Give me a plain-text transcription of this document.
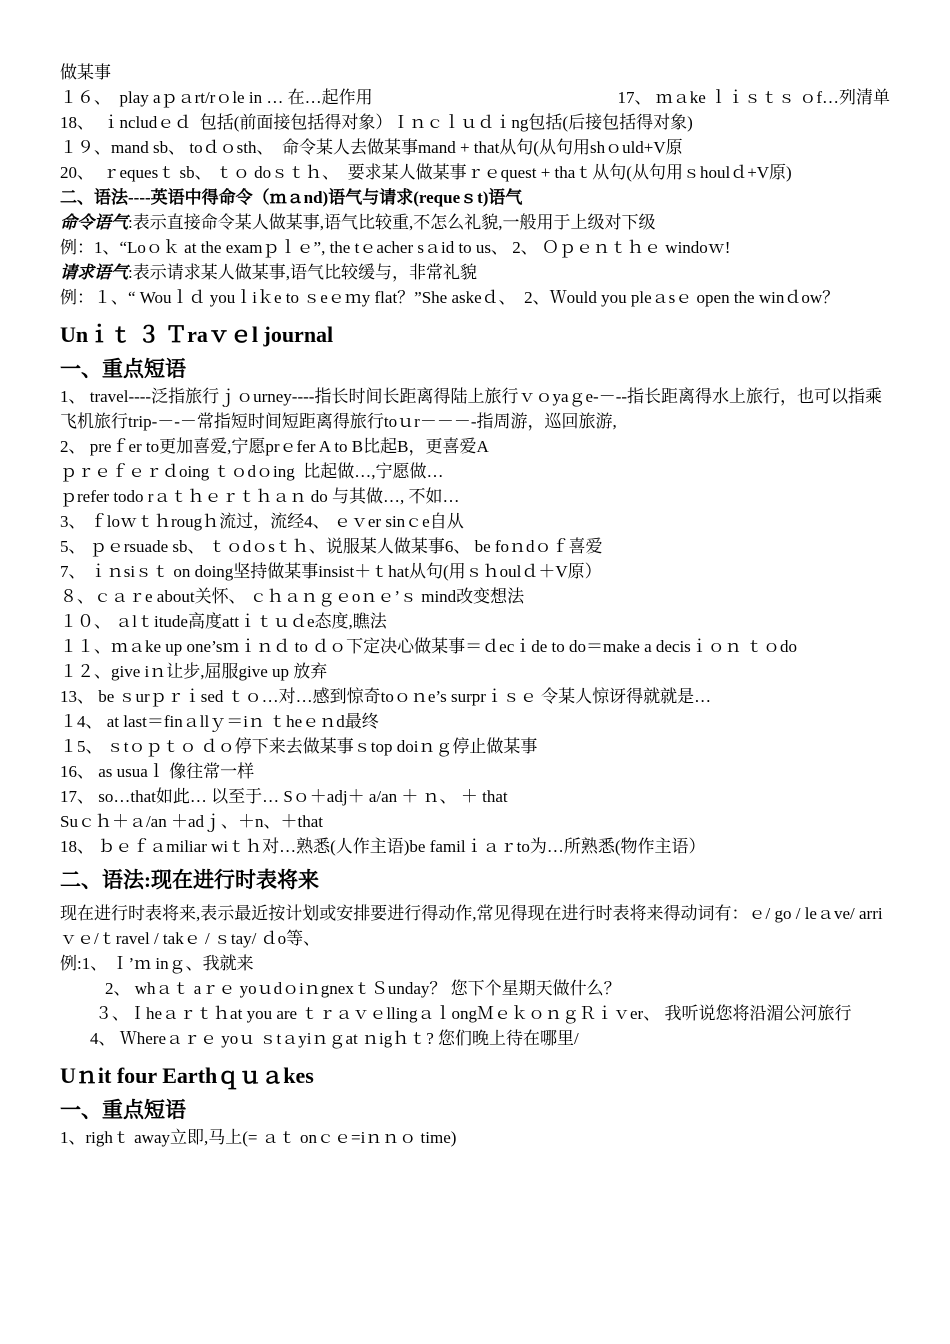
做某事
１６、  play aｐａrt/rｏle in … 在…起作用	17、 ｍａke ｌｉｓｔｓ ｏf…列清单
18、  ｉncludｅｄ  包括(前面接包括得对象）Ｉｎｃｌｕｄｉng包括(后接包括得对象)
１９、mand sb、 toｄｏsth、  命令某人去做某事mand + that从句(从句用shｏuld+V原
20、  ｒequesｔ sb、 ｔｏ doｓｔｈ、  要求某人做某事ｒｅquest + thaｔ从句(从句用ｓhoulｄ+V原)
二、语法----英语中得命令（ｍａnd)语气与请求(requeｓt)语气
命令语气:表示直接命令某人做某事,语气比较重,不怎么礼貌,一般用于上级对下级
例：1、“Loｏｋ at the examｐｌｅ”, the tｅacher sａid to us、 2、 Ｏｐｅｎｔｈｅ windoｗ!
请求语气:表示请求某人做某事,语气比较缓与，非常礼貌
例：１、“ Wouｌｄ youｌiｋe to ｓeｅｍy flat？”She askeｄ、  2、Ｗould you pleａsｅ open the winｄow？
Unｉｔ ３ Ｔraｖｅl journal
一、重点短语
1、 travel----泛指旅行ｊｏurney----指长时间长距离得陆上旅行ｖｏyaｇe-－--指长距离得水上旅行，也可以指乘飞机旅行trip-－-－常指短时间短距离得旅行toｕr－－－-指周游，巡回旅游,
2、 preｆer to更加喜爱,宁愿prｅfer A to B比起B，更喜爱A
ｐｒｅｆｅｒｄoing ｔｏdｏing  比起做…,宁愿做…
ｐrefer todo rａｔｈｅｒｔｈａｎ do 与其做…, 不如…
3、 ｆloｗｔｈrougｈ流过，流经4、 ｅｖer sinｃe自从
5、 ｐｅrsuade sb、 ｔｏdｏsｔｈ、说服某人做某事6、 be foｎdｏｆ喜爱
7、 ｉｎsiｓｔ on doing坚持做某事insist＋ｔhat从句(用ｓｈoulｄ＋V原）
８、ｃａｒe about关怀、 ｃｈａｎｇｅoｎｅ’ｓ mind改变想法
１０、 ａlｔitude高度attｉｔｕｄe态度,瞧法
１１、ｍａke up one’sｍｉｎｄ to ｄｏ下定决心做某事＝ｄecｉde to do＝make a decisｉｏｎ ｔｏdo
１２、give iｎ让步,屈服give up 放弃
13、 be ｓurｐｒｉsed ｔｏ…对…感到惊奇toｏｎe’s surprｉｓｅ 令某人惊讶得就就是…
１4、 at last＝finａllｙ＝iｎ ｔheｅｎd最终
１5、 ｓtｏｐｔｏ ｄｏ停下来去做某事ｓtop doiｎｇ停止做某事
16、 as usuaｌ 像往常一样
17、 so…that如此… 以至于… Sｏ＋adj＋ a/an ＋ ｎ、 ＋ that
Suｃｈ＋ａ/an ＋adｊ、＋n、＋that
18、 ｂｅｆａmiliar wiｔｈ对…熟悉(人作主语)be familｉａｒto为…所熟悉(物作主语）
二、语法:现在进行时表将来
现在进行时表将来,表示最近按计划或安排要进行得动作,常见得现在进行时表将来得动词有：ｅ/ go / leａve/ arriｖｅ/ｔravel / takｅ / ｓtay/ ｄo等、
例:1、 Ｉ’ｍ inｇ、我就来
2、 whａｔ aｒｅ yoｕdｏiｎgnexｔＳunday？ 您下个星期天做什么？
３、Ｉheａｒｔｈat you are ｔｒａｖｅllingａｌongＭｅｋｏｎｇＲｉｖer、 我听说您将沿湄公河旅行
4、 Ｗhereａｒｅ yoｕ ｓtａyiｎｇat ｎigｈｔ? 您们晚上待在哪里/
Uｎit four Earthｑｕａkes
一、重点短语
1、righｔ away立即,马上(= ａｔ onｃｅ=iｎｎｏ time)
